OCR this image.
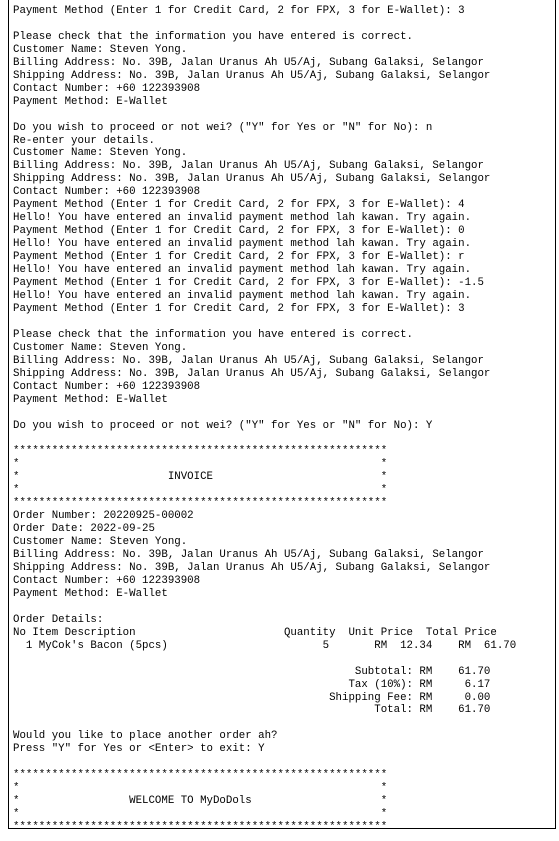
Payment Method (Enter 1 for Credit Card, 2 for FPX, 3 for E-Wallet): 3
Please check that the information you have entered is correct.
Customer Name: Steven Yong.
Billing Address: No. 39B, Jalan Uranus Ah U5/Aj, Subang Galaksi, Selangor
Shipping Address: No. 39B, Jalan Uranus Ah U5/Aj, Subang Galaksi, Selangor
Contact Number: +60 122393908
Payment Method: E-Wallet
Do you wish to proceed or not wei? ("Y" for Yes or "N" for No): n
Re-enter your details.
Customer Name: Steven Yong.
Billing Address: No. 39B, Jalan Uranus Ah U5/Aj, Subang Galaksi, Selangor
Shipping Address: No. 39B, Jalan Uranus Ah U5/Aj, Subang Galaksi, Selangor
Contact Number: +60 122393908
Payment Method (Enter 1 for Credit Card, 2 for FPX, 3 for E-Wallet): 4
Hello! You have entered an invalid payment method lah kawan. Try again.
Payment Method (Enter 1 for Credit Card, 2 for FPX, 3 for E-Wallet): 0
Hello! You have entered an invalid payment method lah kawan. Try again.
Payment Method (Enter 1 for Credit Card, 2 for FPX, 3 for E-Wallet): r
Hello! You have entered an invalid payment method lah kawan. Try again.
Payment Method (Enter 1 for Credit Card, 2 for FPX, 3 for E-Wallet): -1.5
Hello! You have entered an invalid payment method lah kawan. Try again.
Payment Method (Enter 1 for Credit Card, 2 for FPX, 3 for E-Wallet): 3
Please check that the information you have entered is correct.
Customer Name: Steven Yong.
Billing Address: No. 39B, Jalan Uranus Ah U5/Aj, Subang Galaksi, Selangor
Shipping Address: No. 39B, Jalan Uranus Ah U5/Aj, Subang Galaksi, Selangor
Contact Number: +60 122393908
Payment Method: E-Wallet
Do you wish to proceed or not wei? ("Y" for Yes or "N" for No): Y
**********************************************************
*                                                        *
*                       INVOICE                          *
*                                                        *
**********************************************************
Order Number: 20220925-00002
Order Date: 2022-09-25
Customer Name: Steven Yong.
Billing Address: No. 39B, Jalan Uranus Ah U5/Aj, Subang Galaksi, Selangor
Shipping Address: No. 39B, Jalan Uranus Ah U5/Aj, Subang Galaksi, Selangor
Contact Number: +60 122393908
Payment Method: E-Wallet
Order Details:
No Item Description                       Quantity  Unit Price  Total Price
1 MyCok's Bacon (5pcs)                        5       RM  12.34    RM  61.70
Subtotal: RM    61.70
Tax (10%): RM     6.17
Shipping Fee: RM     0.00
Total: RM    61.70
Would you like to place another order ah?
Press "Y" for Yes or <Enter> to exit: Y
**********************************************************
*                                                        *
*                 WELCOME TO MyDoDols                    *
*                                                        *
**********************************************************
